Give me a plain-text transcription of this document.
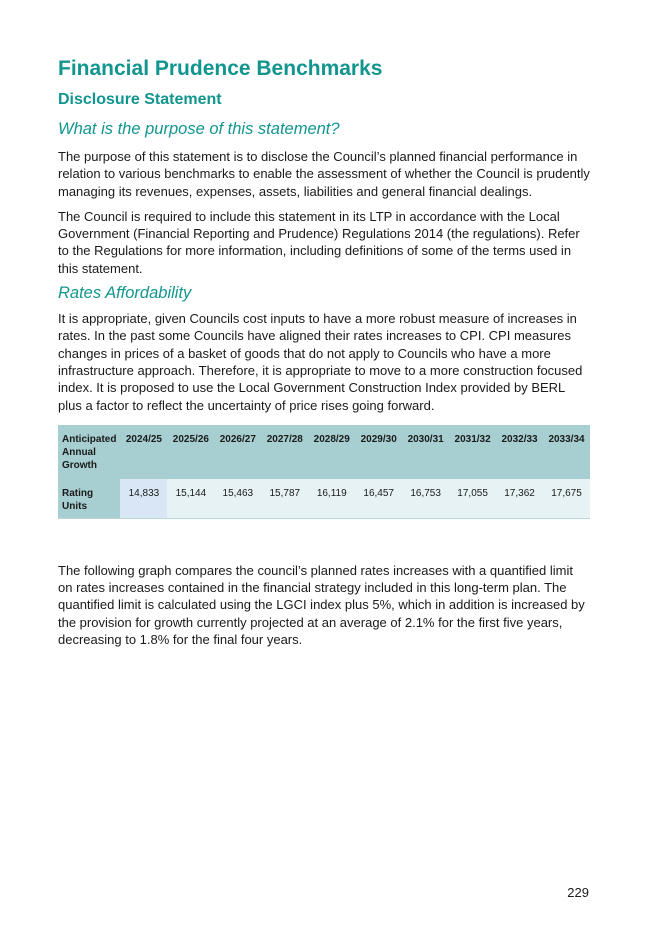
Financial Prudence Benchmarks
Disclosure Statement
What is the purpose of this statement?

The purpose of this statement is to disclose the Council’s planned financial performance in relation to various benchmarks to enable the assessment of whether the Council is prudently managing its revenues, expenses, assets, liabilities and general financial dealings.

The Council is required to include this statement in its LTP in accordance with the Local Government (Financial Reporting and Prudence) Regulations 2014 (the regulations). Refer to the Regulations for more information, including definitions of some of the terms used in this statement.

Rates Affordability

It is appropriate, given Councils cost inputs to have a more robust measure of increases in rates. In the past some Councils have aligned their rates increases to CPI. CPI measures changes in prices of a basket of goods that do not apply to Councils who have a more infrastructure approach. Therefore, it is appropriate to move to a more construction focused index. It is proposed to use the Local Government Construction Index provided by BERL plus a factor to reflect the uncertainty of price rises going forward.

Anticipated Annual Growth	2024/25	2025/26	2026/27	2027/28	2028/29	2029/30	2030/31	2031/32	2032/33	2033/34
Rating Units	14,833	15,144	15,463	15,787	16,119	16,457	16,753	17,055	17,362	17,675

The following graph compares the council’s planned rates increases with a quantified limit on rates increases contained in the financial strategy included in this long-term plan. The quantified limit is calculated using the LGCI index plus 5%, which in addition is increased by the provision for growth currently projected at an average of 2.1% for the first five years, decreasing to 1.8% for the final four years.

229
